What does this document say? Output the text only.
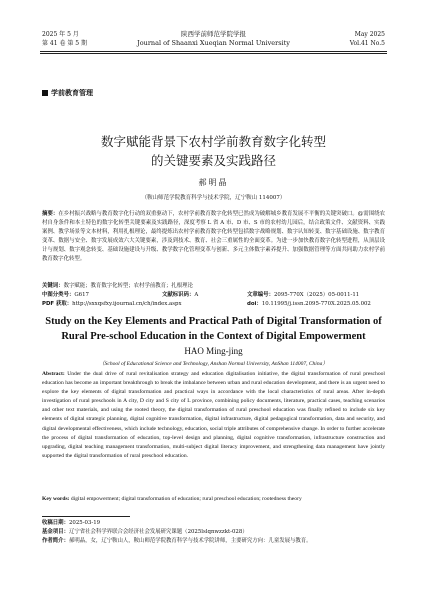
2025 年 5 月
第 41 卷 第 5 期
陕西学前师范学院学报
Journal of Shaanxi Xueqian Normal University
May 2025
Vol.41 No.5
学前教育管理
数字赋能背景下农村学前教育数字化转型
的关键要素及实践路径
郝明晶
（鞍山师范学院教育科学与技术学院，辽宁鞍山 114007）
摘要：在乡村振兴战略与教育数字化行动的双重驱动下，农村学前教育数字化转型已然成为破解城乡教育发展不平衡的关键突破口。@需围绕农村自身条件和本土特色的数字化转型关键要素及实践路径，深度考察 L 省 A 市、D 市、S 市的农村幼儿园后，结合政策文件、文献资料、实践案例、教学场景等文本材料，利用扎根理论，最终提炼出农村学前教育数字化转型包括数字战略规划、数字认知转变、数字基础设施、数字教育变革、数据与安全、数字发展成效六大关键要素，涉及到技术、教育、社会三重属性的全面变革。为进一步加快教育数字化转型进程，从顶层设计与规划、数字观念转变、基础设施建设与升级、教学数字化管理变革与创新、多元主体数字素养提升、加强数据管理等方面共同助力农村学前教育数字化转型。
关键词：数字赋能；教育数字化转型；农村学前教育；扎根理论
中图分类号：G617	文献标识码：A	文章编号：2095-770X（2025）05-0011-11
PDF 获取：http://sxxqsfxy.ijournal.cn/ch/index.aspx	doi：10.11995/j.issn.2095-770X.2025.05.002
Study on the Key Elements and Practical Path of Digital Transformation of
Rural Pre-school Education in the Context of Digital Empowerment
HAO Ming-jing
（School of Educational Science and Technology, Anshan Normal University, AnShan 114007, China）
Abstract: Under the dual drive of rural revitalisation strategy and education digitalisation initiative, the digital transformation of rural preschool education has become an important breakthrough to break the imbalance between urban and rural education development, and there is an urgent need to explore the key elements of digital transformation and practical ways in accordance with the local characteristics of rural areas. After in-depth investigation of rural preschools in A city, D city and S city of L province, combining policy documents, literature, practical cases, teaching scenarios and other text materials, and using the rooted theory, the digital transformation of rural preschool education was finally refined to include six key elements of digital strategic planning, digital cognitive transformation, digital infrastructure, digital pedagogical transformation, data and security, and digital developmental effectiveness, which include technology, education, social triple attributes of comprehensive change. In order to further accelerate the process of digital transformation of education, top-level design and planning, digital cognitive transformation, infrastructure construction and upgrading, digital teaching management transformation, multi-subject digital literacy improvement, and strengthening data management have jointly supported the digital transformation of rural preschool education.
Key words: digital empowerment; digital transformation of education; rural preschool education; rootedness theory
收稿日期：2025-03-19
基金项目：辽宁省社会科学界联合会经济社会发展研究课题（2025lslqnwzzkt-028）
作者简介：郝明晶，女，辽宁鞍山人，鞍山师范学院教育科学与技术学院讲师，主要研究方向：儿童发展与教育。
